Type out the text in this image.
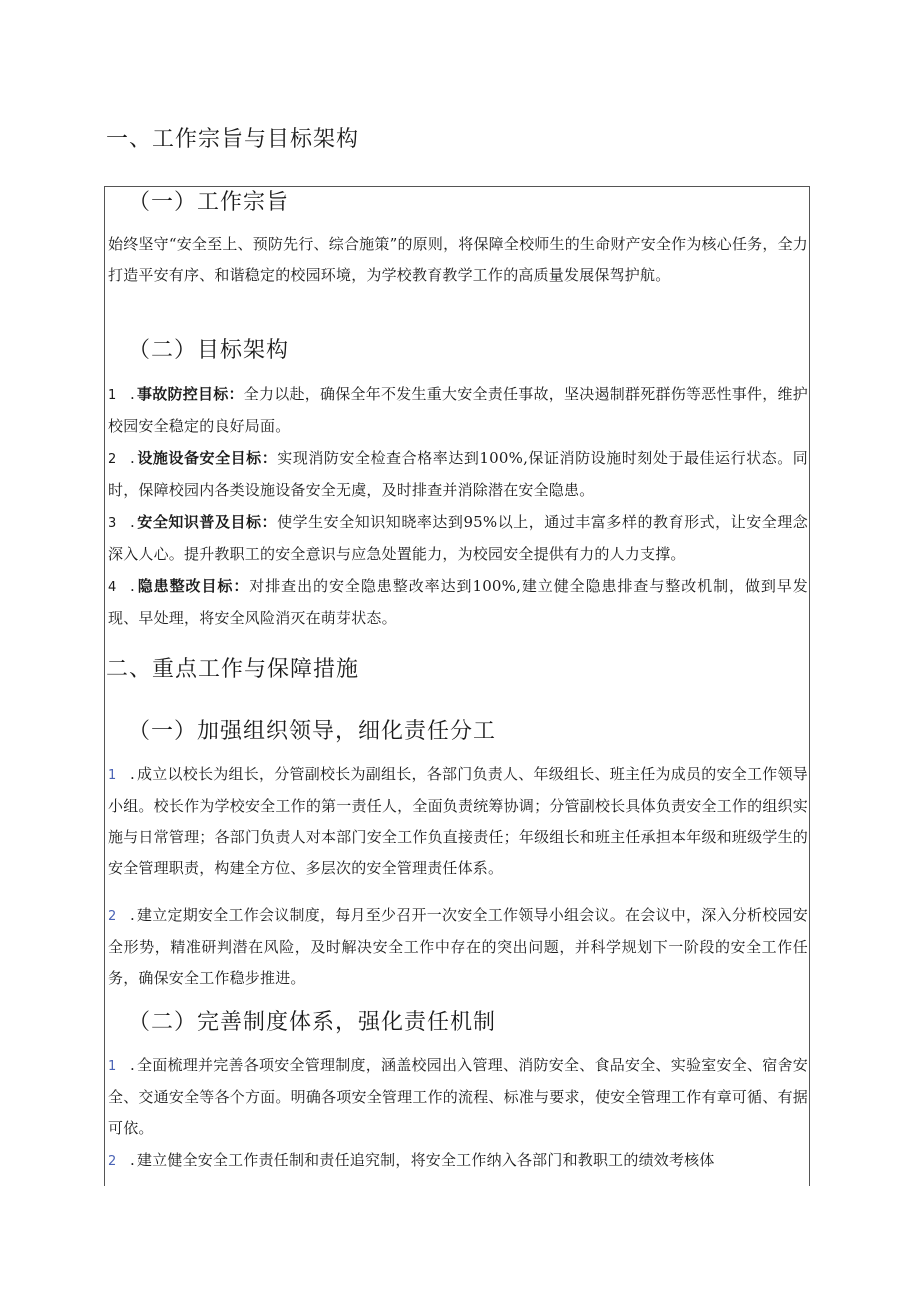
一、工作宗旨与目标架构
（一）工作宗旨
始终坚守“安全至上、预防先行、综合施策”的原则，将保障全校师生的生命财产安全作为核心任务，全力打造平安有序、和谐稳定的校园环境，为学校教育教学工作的高质量发展保驾护航。
（二）目标架构
1 . 事故防控目标：全力以赴，确保全年不发生重大安全责任事故，坚决遏制群死群伤等恶性事件，维护校园安全稳定的良好局面。
2 . 设施设备安全目标：实现消防安全检查合格率达到100%,保证消防设施时刻处于最佳运行状态。同时，保障校园内各类设施设备安全无虞，及时排查并消除潜在安全隐患。
3 . 安全知识普及目标：使学生安全知识知晓率达到95%以上，通过丰富多样的教育形式，让安全理念深入人心。提升教职工的安全意识与应急处置能力，为校园安全提供有力的人力支撑。
4 . 隐患整改目标：对排查出的安全隐患整改率达到100%,建立健全隐患排查与整改机制，做到早发现、早处理，将安全风险消灭在萌芽状态。
二、重点工作与保障措施
（一）加强组织领导，细化责任分工
1 . 成立以校长为组长，分管副校长为副组长，各部门负责人、年级组长、班主任为成员的安全工作领导小组。校长作为学校安全工作的第一责任人，全面负责统筹协调；分管副校长具体负责安全工作的组织实施与日常管理；各部门负责人对本部门安全工作负直接责任；年级组长和班主任承担本年级和班级学生的安全管理职责，构建全方位、多层次的安全管理责任体系。
2 . 建立定期安全工作会议制度，每月至少召开一次安全工作领导小组会议。在会议中，深入分析校园安全形势，精准研判潜在风险，及时解决安全工作中存在的突出问题，并科学规划下一阶段的安全工作任务，确保安全工作稳步推进。
（二）完善制度体系，强化责任机制
1 . 全面梳理并完善各项安全管理制度，涵盖校园出入管理、消防安全、食品安全、实验室安全、宿舍安全、交通安全等各个方面。明确各项安全管理工作的流程、标准与要求，使安全管理工作有章可循、有据可依。
2 . 建立健全安全工作责任制和责任追究制，将安全工作纳入各部门和教职工的绩效考核体
